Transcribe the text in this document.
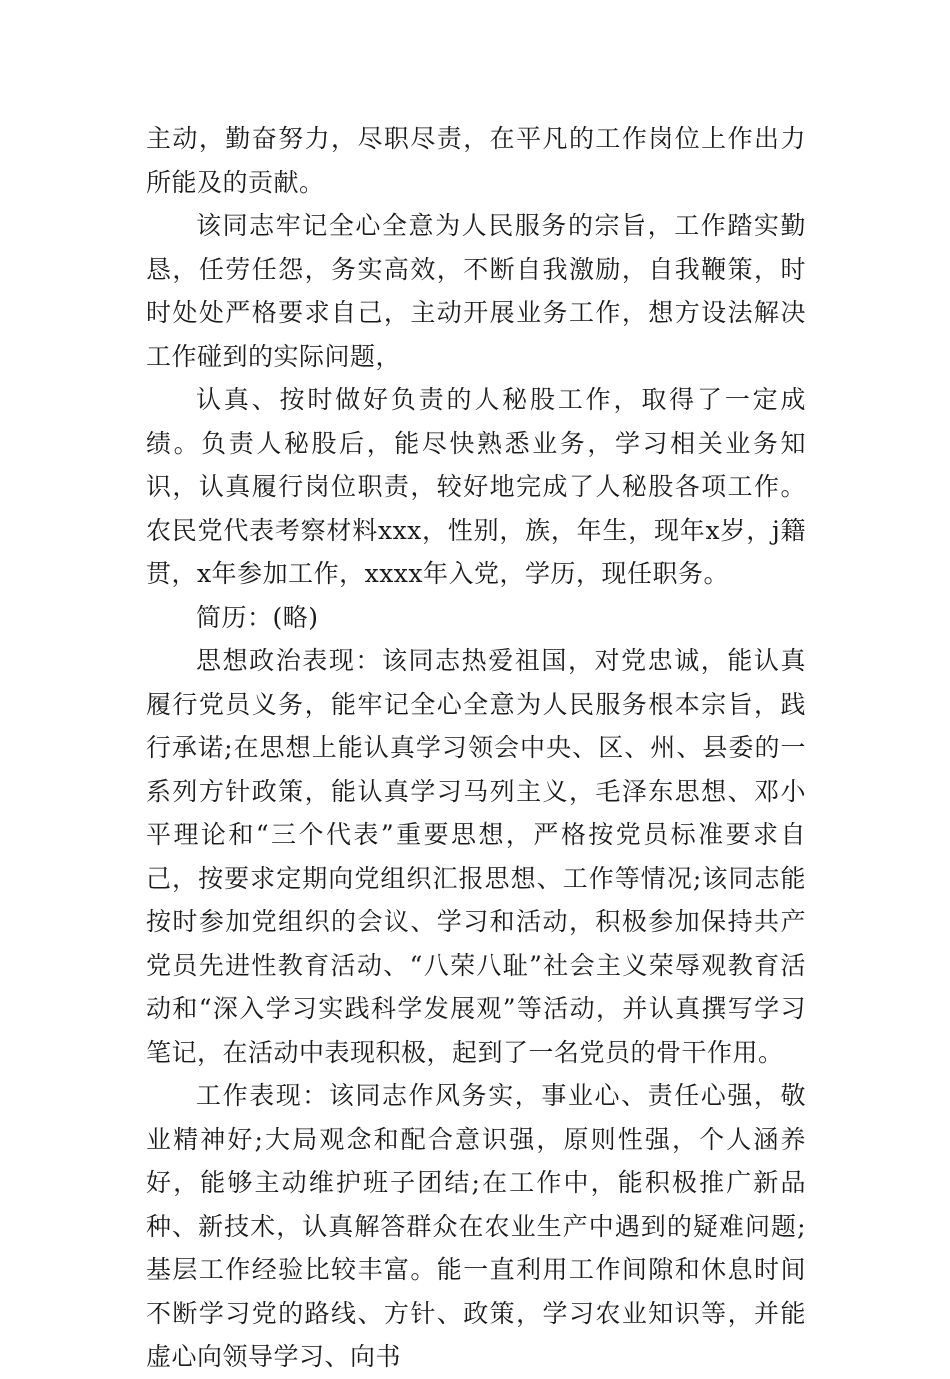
主动，勤奋努力，尽职尽责，在平凡的工作岗位上作出力所能及的贡献。

该同志牢记全心全意为人民服务的宗旨，工作踏实勤恳，任劳任怨，务实高效，不断自我激励，自我鞭策，时时处处严格要求自己，主动开展业务工作，想方设法解决工作碰到的实际问题，

认真、按时做好负责的人秘股工作，取得了一定成绩。负责人秘股后，能尽快熟悉业务，学习相关业务知识，认真履行岗位职责，较好地完成了人秘股各项工作。农民党代表考察材料xxx，性别，族，年生，现年x岁，j籍贯，x年参加工作，xxxx年入党，学历，现任职务。

简历：(略)

思想政治表现：该同志热爱祖国，对党忠诚，能认真履行党员义务，能牢记全心全意为人民服务根本宗旨，践行承诺;在思想上能认真学习领会中央、区、州、县委的一系列方针政策，能认真学习马列主义，毛泽东思想、邓小平理论和“三个代表”重要思想，严格按党员标准要求自己，按要求定期向党组织汇报思想、工作等情况;该同志能按时参加党组织的会议、学习和活动，积极参加保持共产党员先进性教育活动、“八荣八耻”社会主义荣辱观教育活动和“深入学习实践科学发展观”等活动，并认真撰写学习笔记，在活动中表现积极，起到了一名党员的骨干作用。

工作表现：该同志作风务实，事业心、责任心强，敬业精神好;大局观念和配合意识强，原则性强，个人涵养好，能够主动维护班子团结;在工作中，能积极推广新品种、新技术，认真解答群众在农业生产中遇到的疑难问题;基层工作经验比较丰富。能一直利用工作间隙和休息时间不断学习党的路线、方针、政策，学习农业知识等，并能虚心向领导学习、向书
